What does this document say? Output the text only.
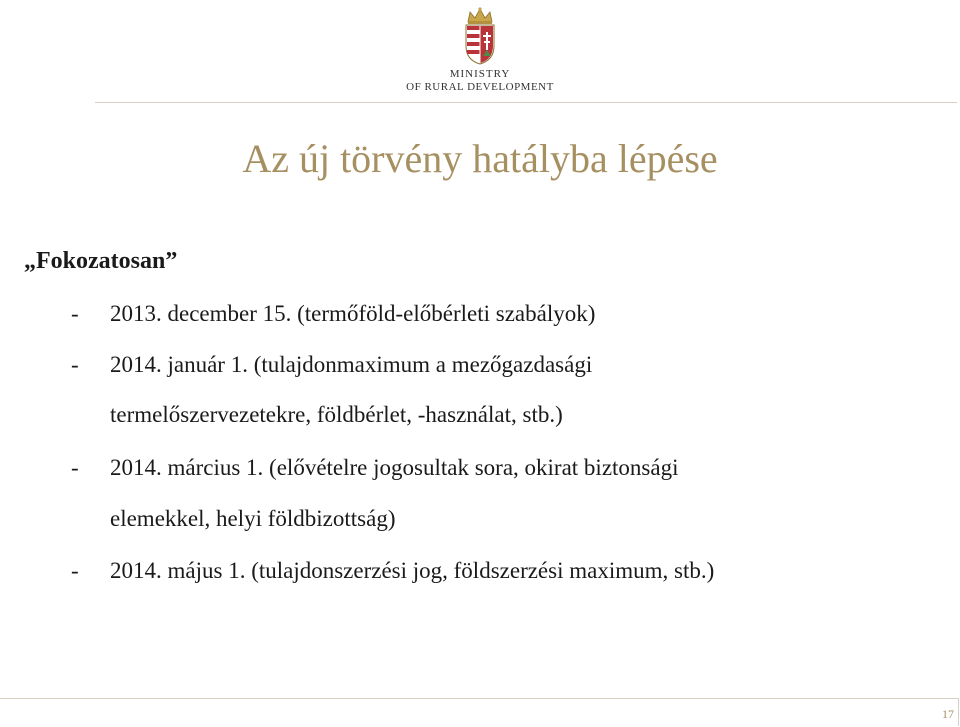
MINISTRY
OF RURAL DEVELOPMENT
Az új törvény hatályba lépése
„Fokozatosan”
- 2013. december 15. (termőföld-előbérleti szabályok)
- 2014. január 1. (tulajdonmaximum a mezőgazdasági
termelőszervezetekre, földbérlet, -használat, stb.)
- 2014. március 1. (elővételre jogosultak sora, okirat biztonsági
elemekkel, helyi földbizottság)
- 2014. május 1. (tulajdonszerzési jog, földszerzési maximum, stb.)
17
